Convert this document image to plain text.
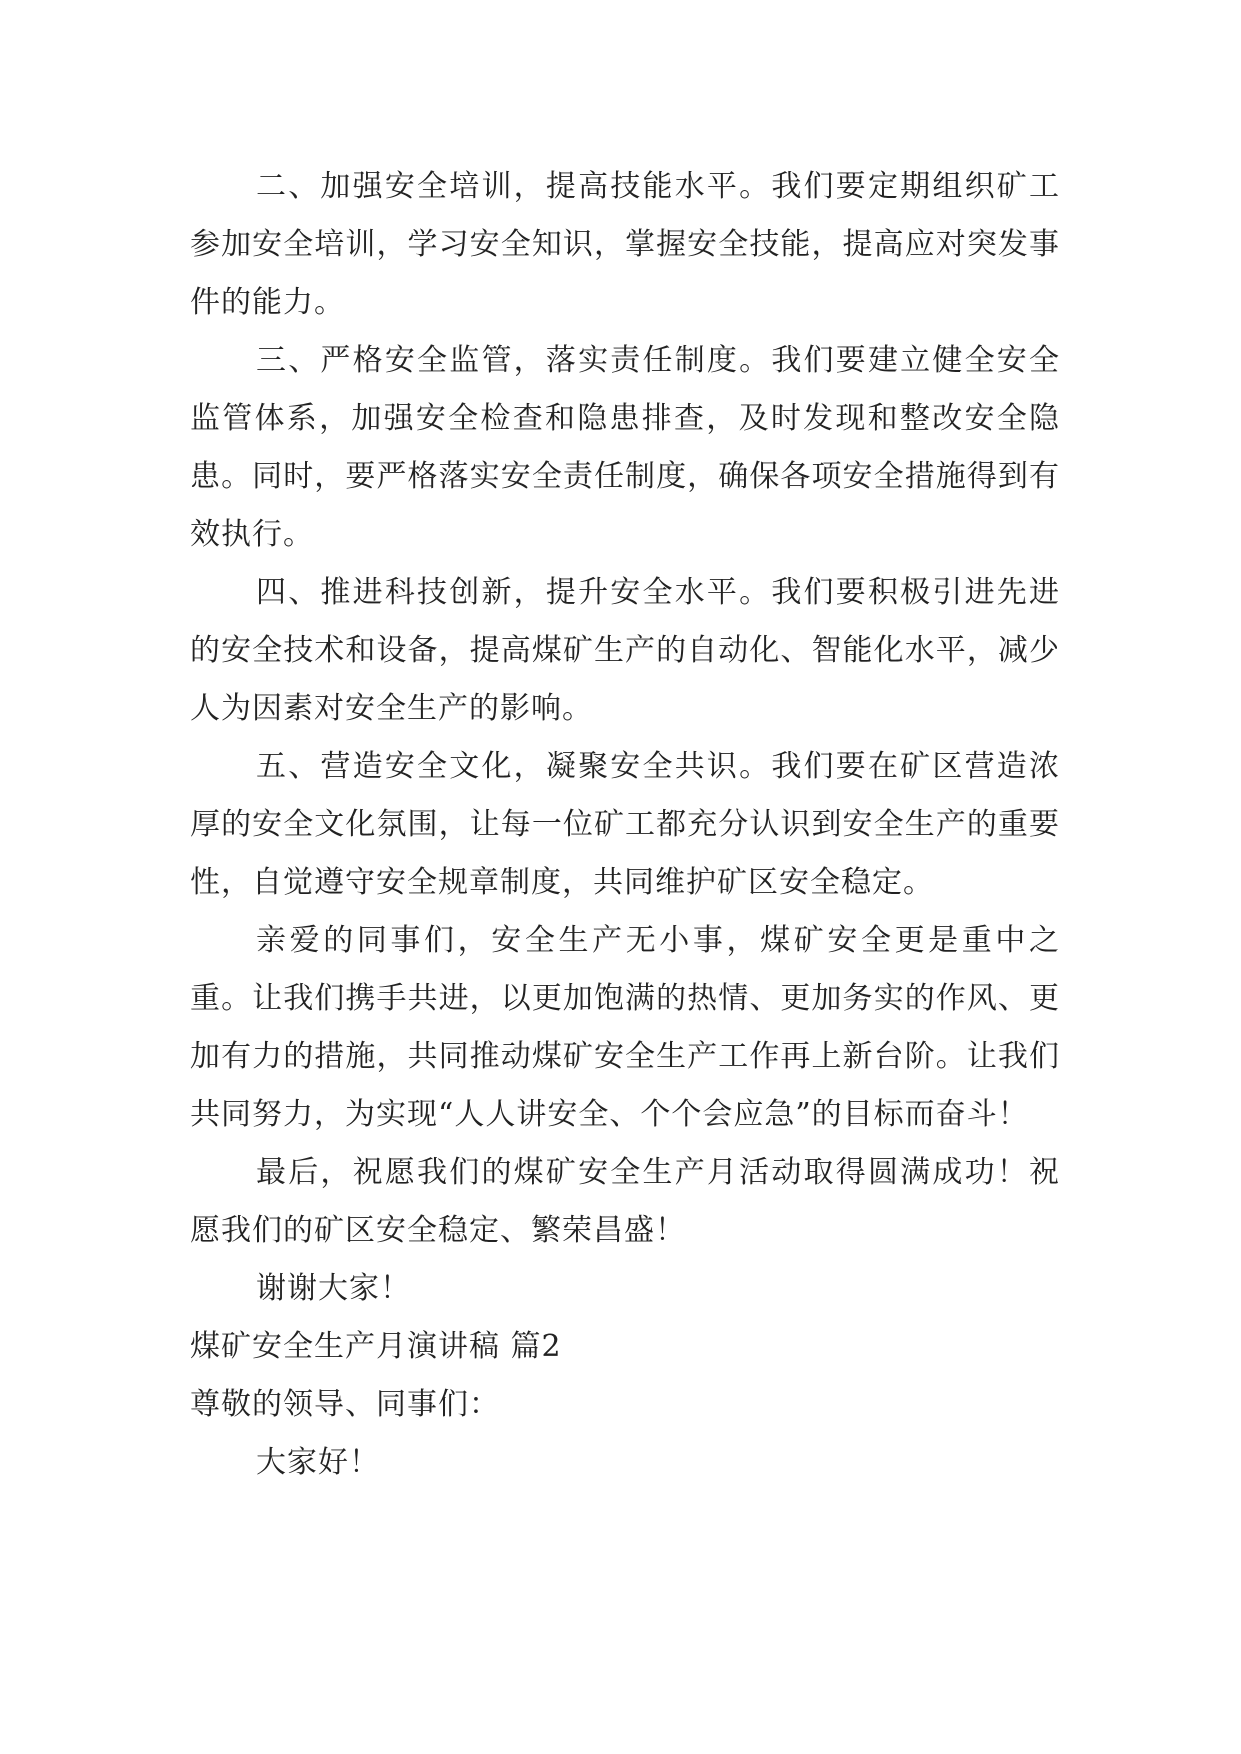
二、加强安全培训，提高技能水平。我们要定期组织矿工参加安全培训，学习安全知识，掌握安全技能，提高应对突发事件的能力。

三、严格安全监管，落实责任制度。我们要建立健全安全监管体系，加强安全检查和隐患排查，及时发现和整改安全隐患。同时，要严格落实安全责任制度，确保各项安全措施得到有效执行。

四、推进科技创新，提升安全水平。我们要积极引进先进的安全技术和设备，提高煤矿生产的自动化、智能化水平，减少人为因素对安全生产的影响。

五、营造安全文化，凝聚安全共识。我们要在矿区营造浓厚的安全文化氛围，让每一位矿工都充分认识到安全生产的重要性，自觉遵守安全规章制度，共同维护矿区安全稳定。

亲爱的同事们，安全生产无小事，煤矿安全更是重中之重。让我们携手共进，以更加饱满的热情、更加务实的作风、更加有力的措施，共同推动煤矿安全生产工作再上新台阶。让我们共同努力，为实现“人人讲安全、个个会应急”的目标而奋斗！

最后，祝愿我们的煤矿安全生产月活动取得圆满成功！祝愿我们的矿区安全稳定、繁荣昌盛！

谢谢大家！

煤矿安全生产月演讲稿 篇2

尊敬的领导、同事们：

大家好！
